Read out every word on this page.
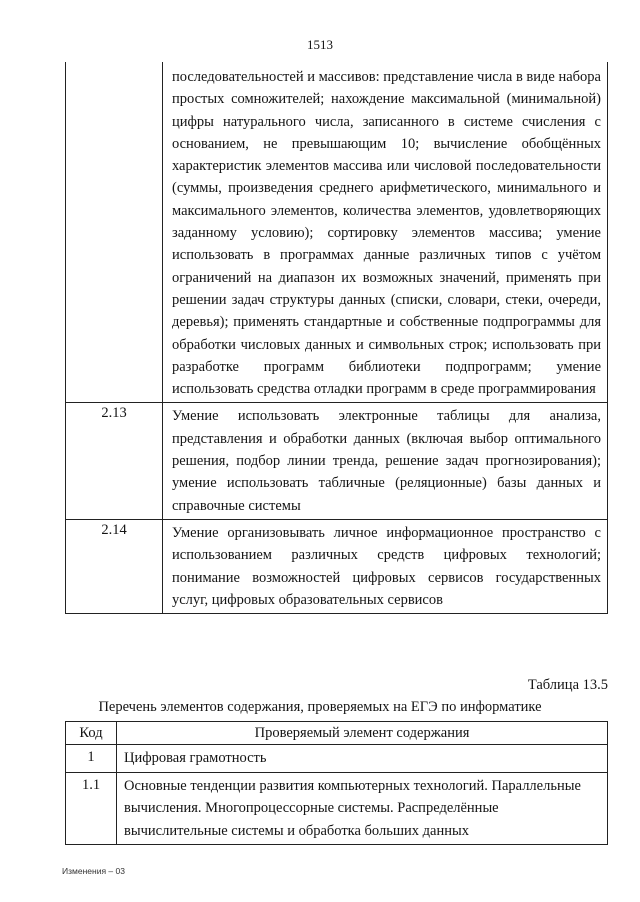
1513
	последовательностей и массивов: представление числа в виде набора простых сомножителей; нахождение максимальной (минимальной) цифры натурального числа, записанного в системе счисления с основанием, не превышающим 10; вычисление обобщённых характеристик элементов массива или числовой последовательности (суммы, произведения среднего арифметического, минимального и максимального элементов, количества элементов, удовлетворяющих заданному условию); сортировку элементов массива; умение использовать в программах данные различных типов с учётом ограничений на диапазон их возможных значений, применять при решении задач структуры данных (списки, словари, стеки, очереди, деревья); применять стандартные и собственные подпрограммы для обработки числовых данных и символьных строк; использовать при разработке программ библиотеки подпрограмм; умение использовать средства отладки программ в среде программирования
2.13	Умение использовать электронные таблицы для анализа, представления и обработки данных (включая выбор оптимального решения, подбор линии тренда, решение задач прогнозирования); умение использовать табличные (реляционные) базы данных и справочные системы
2.14	Умение организовывать личное информационное пространство с использованием различных средств цифровых технологий; понимание возможностей цифровых сервисов государственных услуг, цифровых образовательных сервисов
Таблица 13.5
Перечень элементов содержания, проверяемых на ЕГЭ по информатике
Код	Проверяемый элемент содержания
1	Цифровая грамотность
1.1	Основные тенденции развития компьютерных технологий. Параллельные вычисления. Многопроцессорные системы. Распределённые вычислительные системы и обработка больших данных
Изменения – 03
